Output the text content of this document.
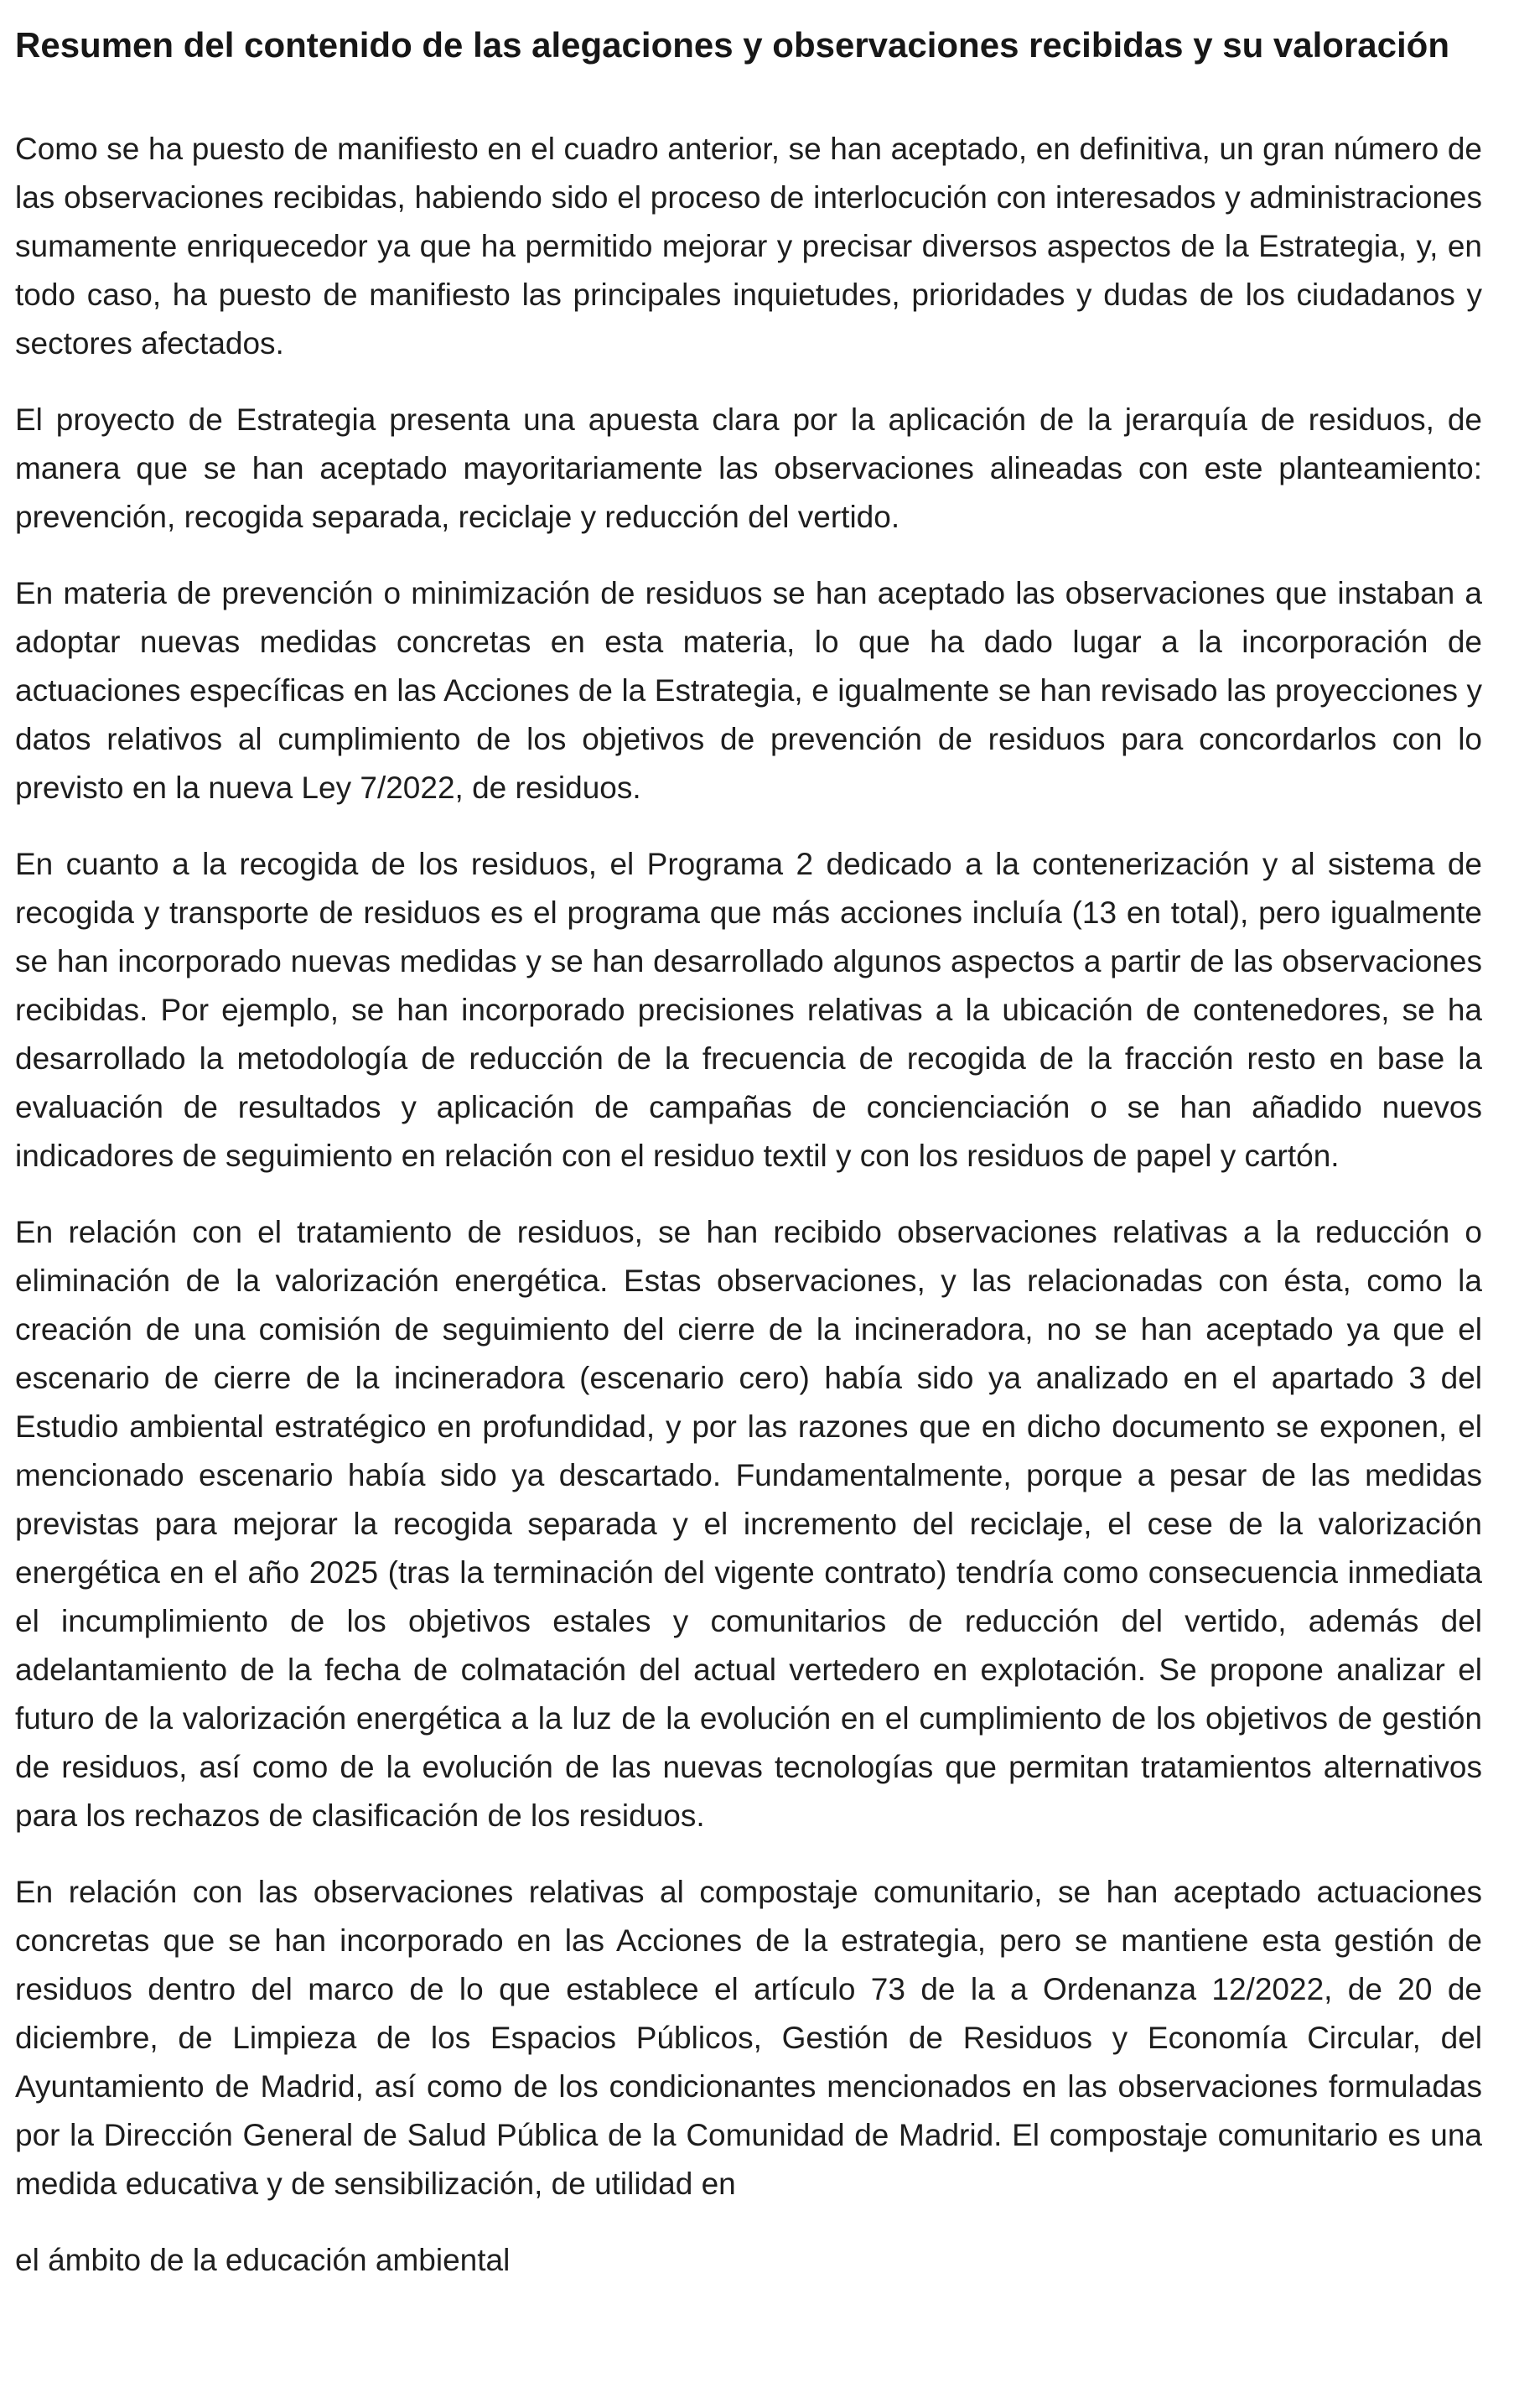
Resumen del contenido de las alegaciones y observaciones recibidas y su valoración

Como se ha puesto de manifiesto en el cuadro anterior, se han aceptado, en definitiva, un gran número de las observaciones recibidas, habiendo sido el proceso de interlocución con interesados y administraciones sumamente enriquecedor ya que ha permitido mejorar y precisar diversos aspectos de la Estrategia, y, en todo caso, ha puesto de manifiesto las principales inquietudes, prioridades y dudas de los ciudadanos y sectores afectados.

El proyecto de Estrategia presenta una apuesta clara por la aplicación de la jerarquía de residuos, de manera que se han aceptado mayoritariamente las observaciones alineadas con este planteamiento: prevención, recogida separada, reciclaje y reducción del vertido.

En materia de prevención o minimización de residuos se han aceptado las observaciones que instaban a adoptar nuevas medidas concretas en esta materia, lo que ha dado lugar a la incorporación de actuaciones específicas en las Acciones de la Estrategia, e igualmente se han revisado las proyecciones y datos relativos al cumplimiento de los objetivos de prevención de residuos para concordarlos con lo previsto en la nueva Ley 7/2022, de residuos.

En cuanto a la recogida de los residuos, el Programa 2 dedicado a la contenerización y al sistema de recogida y transporte de residuos es el programa que más acciones incluía (13 en total), pero igualmente se han incorporado nuevas medidas y se han desarrollado algunos aspectos a partir de las observaciones recibidas. Por ejemplo, se han incorporado precisiones relativas a la ubicación de contenedores, se ha desarrollado la metodología de reducción de la frecuencia de recogida de la fracción resto en base la evaluación de resultados y aplicación de campañas de concienciación o se han añadido nuevos indicadores de seguimiento en relación con el residuo textil y con los residuos de papel y cartón.

En relación con el tratamiento de residuos, se han recibido observaciones relativas a la reducción o eliminación de la valorización energética. Estas observaciones, y las relacionadas con ésta, como la creación de una comisión de seguimiento del cierre de la incineradora, no se han aceptado ya que el escenario de cierre de la incineradora (escenario cero) había sido ya analizado en el apartado 3 del Estudio ambiental estratégico en profundidad, y por las razones que en dicho documento se exponen, el mencionado escenario había sido ya descartado. Fundamentalmente, porque a pesar de las medidas previstas para mejorar la recogida separada y el incremento del reciclaje, el cese de la valorización energética en el año 2025 (tras la terminación del vigente contrato) tendría como consecuencia inmediata el incumplimiento de los objetivos estales y comunitarios de reducción del vertido, además del adelantamiento de la fecha de colmatación del actual vertedero en explotación. Se propone analizar el futuro de la valorización energética a la luz de la evolución en el cumplimiento de los objetivos de gestión de residuos, así como de la evolución de las nuevas tecnologías que permitan tratamientos alternativos para los rechazos de clasificación de los residuos.

En relación con las observaciones relativas al compostaje comunitario, se han aceptado actuaciones concretas que se han incorporado en las Acciones de la estrategia, pero se mantiene esta gestión de residuos dentro del marco de lo que establece el artículo 73 de la a Ordenanza 12/2022, de 20 de diciembre, de Limpieza de los Espacios Públicos, Gestión de Residuos y Economía Circular, del Ayuntamiento de Madrid, así como de los condicionantes mencionados en las observaciones formuladas por la Dirección General de Salud Pública de la Comunidad de Madrid. El compostaje comunitario es una medida educativa y de sensibilización, de utilidad en

el ámbito de la educación ambiental
